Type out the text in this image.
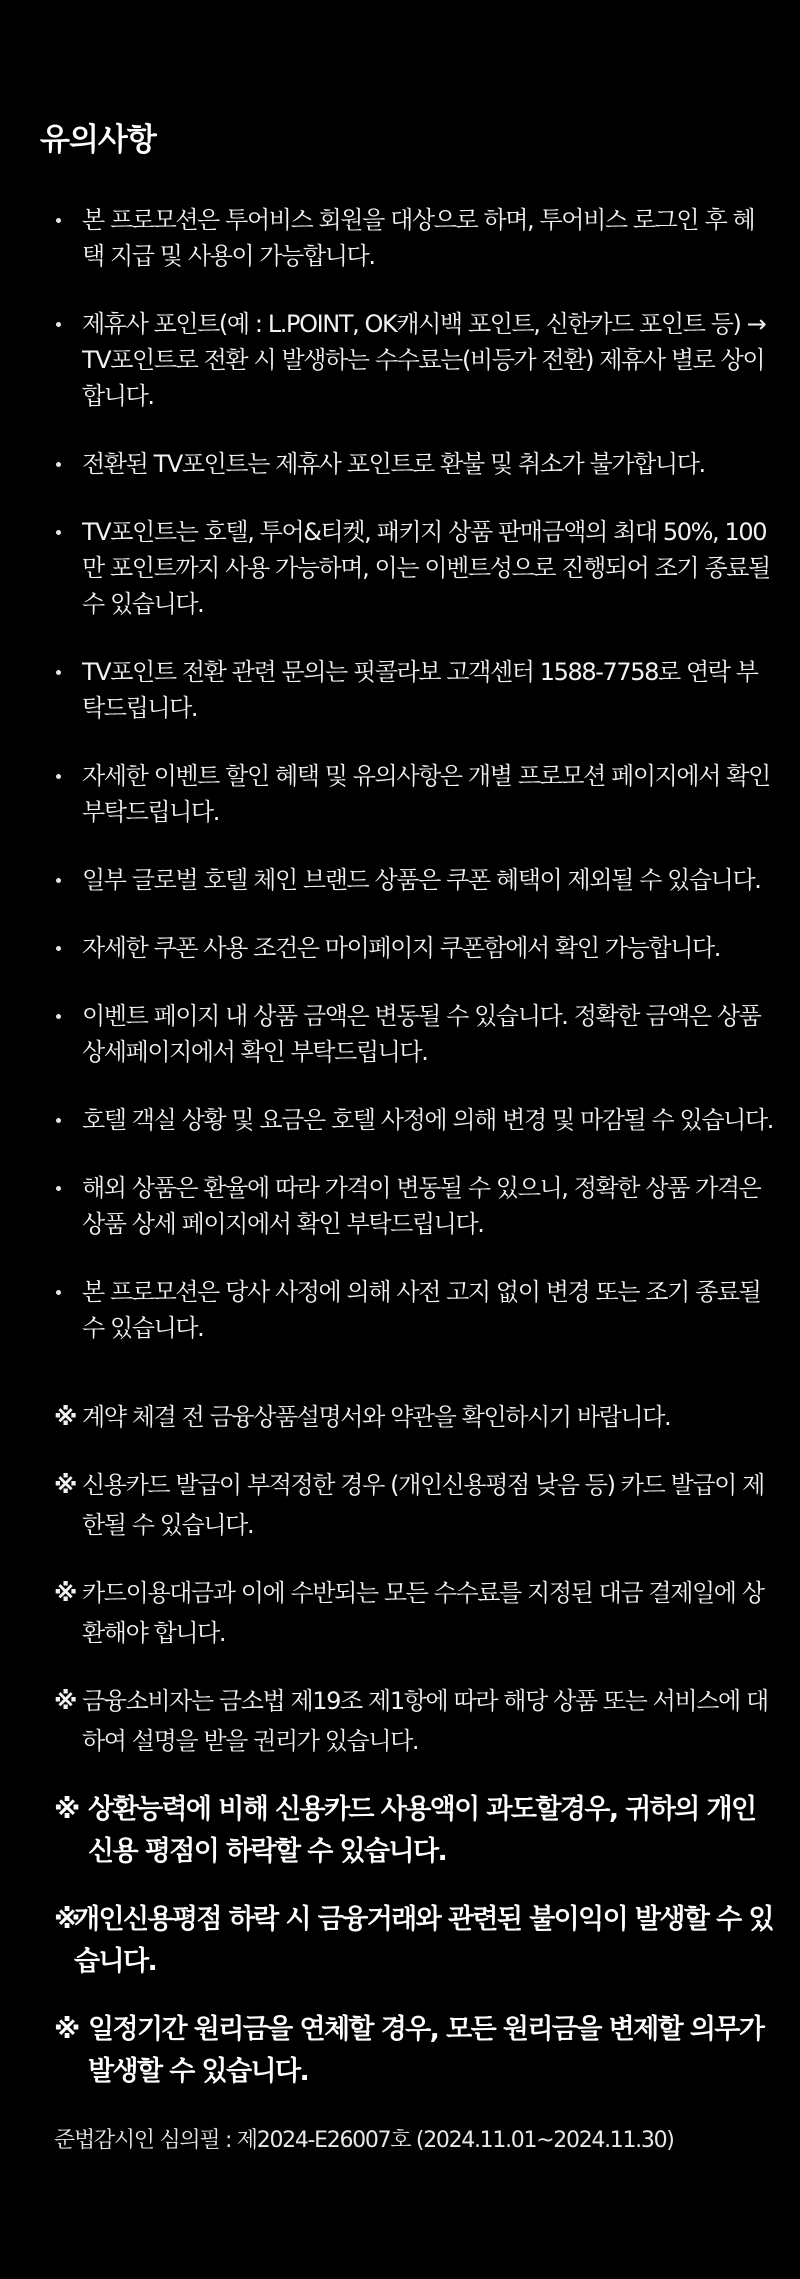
유의사항
본 프로모션은 투어비스 회원을 대상으로 하며, 투어비스 로그인 후 혜택 지급 및 사용이 가능합니다.
제휴사 포인트(예 : L.POINT, OK캐시백 포인트, 신한카드 포인트 등) → TV포인트로 전환 시 발생하는 수수료는(비등가 전환) 제휴사 별로 상이합니다.
전환된 TV포인트는 제휴사 포인트로 환불 및 취소가 불가합니다.
TV포인트는 호텔, 투어&티켓, 패키지 상품 판매금액의 최대 50%, 100만 포인트까지 사용 가능하며, 이는 이벤트성으로 진행되어 조기 종료될 수 있습니다.
TV포인트 전환 관련 문의는 핏콜라보 고객센터 1588-7758로 연락 부탁드립니다.
자세한 이벤트 할인 혜택 및 유의사항은 개별 프로모션 페이지에서 확인 부탁드립니다.
일부 글로벌 호텔 체인 브랜드 상품은 쿠폰 혜택이 제외될 수 있습니다.
자세한 쿠폰 사용 조건은 마이페이지 쿠폰함에서 확인 가능합니다.
이벤트 페이지 내 상품 금액은 변동될 수 있습니다. 정확한 금액은 상품 상세페이지에서 확인 부탁드립니다.
호텔 객실 상황 및 요금은 호텔 사정에 의해 변경 및 마감될 수 있습니다.
해외 상품은 환율에 따라 가격이 변동될 수 있으니, 정확한 상품 가격은 상품 상세 페이지에서 확인 부탁드립니다.
본 프로모션은 당사 사정에 의해 사전 고지 없이 변경 또는 조기 종료될 수 있습니다.
※ 계약 체결 전 금융상품설명서와 약관을 확인하시기 바랍니다.
※ 신용카드 발급이 부적정한 경우 (개인신용평점 낮음 등) 카드 발급이 제한될 수 있습니다.
※ 카드이용대금과 이에 수반되는 모든 수수료를 지정된 대금 결제일에 상환해야 합니다.
※ 금융소비자는 금소법 제19조 제1항에 따라 해당 상품 또는 서비스에 대하여 설명을 받을 권리가 있습니다.
※ 상환능력에 비해 신용카드 사용액이 과도할경우, 귀하의 개인신용 평점이 하락할 수 있습니다.
※
개인신용평점 하락 시 금융거래와 관련된 불이익이 발생할 수 있습니다.
※ 일정기간 원리금을 연체할 경우, 모든 원리금을 변제할 의무가 발생할 수 있습니다.

준법감시인 심의필 : 제2024-E26007호 (2024.11.01~2024.11.30)
